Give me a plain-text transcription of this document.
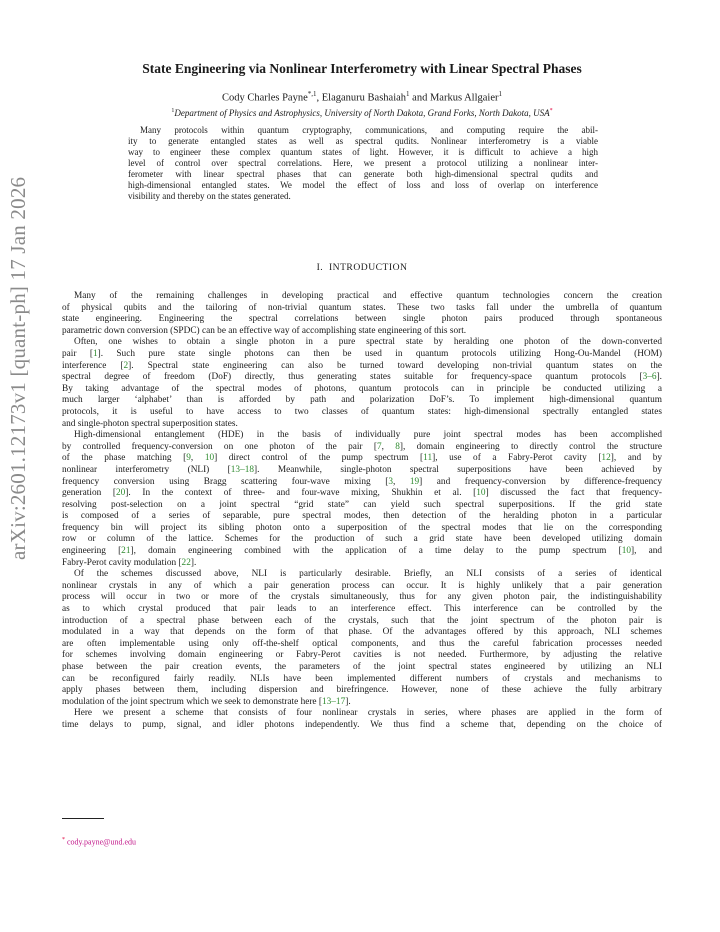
arXiv:2601.12173v1 [quant-ph] 17 Jan 2026
State Engineering via Nonlinear Interferometry with Linear Spectral Phases
Cody Charles Payne$^{*,1}$, Elaganuru Bashaiah$^1$ and Markus Allgaier$^1$
$^1$Department of Physics and Astrophysics, University of North Dakota, Grand Forks, North Dakota, USA*
Many protocols within quantum cryptography, communications, and computing require the abil-
ity to generate entangled states as well as spectral qudits. Nonlinear interferometry is a viable
way to engineer these complex quantum states of light. However, it is difficult to achieve a high
level of control over spectral correlations. Here, we present a protocol utilizing a nonlinear inter-
ferometer with linear spectral phases that can generate both high-dimensional spectral qudits and
high-dimensional entangled states. We model the effect of loss and loss of overlap on interference
visibility and thereby on the states generated.
I. INTRODUCTION
Many of the remaining challenges in developing practical and effective quantum technologies concern the creation
of physical qubits and the tailoring of non-trivial quantum states. These two tasks fall under the umbrella of quantum
state engineering. Engineering the spectral correlations between single photon pairs produced through spontaneous
parametric down conversion (SPDC) can be an effective way of accomplishing state engineering of this sort.
Often, one wishes to obtain a single photon in a pure spectral state by heralding one photon of the down-converted
pair [1]. Such pure state single photons can then be used in quantum protocols utilizing Hong-Ou-Mandel (HOM)
interference [2]. Spectral state engineering can also be turned toward developing non-trivial quantum states on the
spectral degree of freedom (DoF) directly, thus generating states suitable for frequency-space quantum protocols [3–6].
By taking advantage of the spectral modes of photons, quantum protocols can in principle be conducted utilizing a
much larger ‘alphabet’ than is afforded by path and polarization DoF’s. To implement high-dimensional quantum
protocols, it is useful to have access to two classes of quantum states: high-dimensional spectrally entangled states
and single-photon spectral superposition states.
High-dimensional entanglement (HDE) in the basis of individually pure joint spectral modes has been accomplished
by controlled frequency-conversion on one photon of the pair [7, 8], domain engineering to directly control the structure
of the phase matching [9, 10] direct control of the pump spectrum [11], use of a Fabry-Perot cavity [12], and by
nonlinear interferometry (NLI) [13–18]. Meanwhile, single-photon spectral superpositions have been achieved by
frequency conversion using Bragg scattering four-wave mixing [3, 19] and frequency-conversion by difference-frequency
generation [20]. In the context of three- and four-wave mixing, Shukhin et al. [10] discussed the fact that frequency-
resolving post-selection on a joint spectral “grid state” can yield such spectral superpositions. If the grid state
is composed of a series of separable, pure spectral modes, then detection of the heralding photon in a particular
frequency bin will project its sibling photon onto a superposition of the spectral modes that lie on the corresponding
row or column of the lattice. Schemes for the production of such a grid state have been developed utilizing domain
engineering [21], domain engineering combined with the application of a time delay to the pump spectrum [10], and
Fabry-Perot cavity modulation [22].
Of the schemes discussed above, NLI is particularly desirable. Briefly, an NLI consists of a series of identical
nonlinear crystals in any of which a pair generation process can occur. It is highly unlikely that a pair generation
process will occur in two or more of the crystals simultaneously, thus for any given photon pair, the indistinguishability
as to which crystal produced that pair leads to an interference effect. This interference can be controlled by the
introduction of a spectral phase between each of the crystals, such that the joint spectrum of the photon pair is
modulated in a way that depends on the form of that phase. Of the advantages offered by this approach, NLI schemes
are often implementable using only off-the-shelf optical components, and thus the careful fabrication processes needed
for schemes involving domain engineering or Fabry-Perot cavities is not needed. Furthermore, by adjusting the relative
phase between the pair creation events, the parameters of the joint spectral states engineered by utilizing an NLI
can be reconfigured fairly readily. NLIs have been implemented different numbers of crystals and mechanisms to
apply phases between them, including dispersion and birefringence. However, none of these achieve the fully arbitrary
modulation of the joint spectrum which we seek to demonstrate here [13–17].
Here we present a scheme that consists of four nonlinear crystals in series, where phases are applied in the form of
time delays to pump, signal, and idler photons independently. We thus find a scheme that, depending on the choice of
* cody.payne@und.edu
